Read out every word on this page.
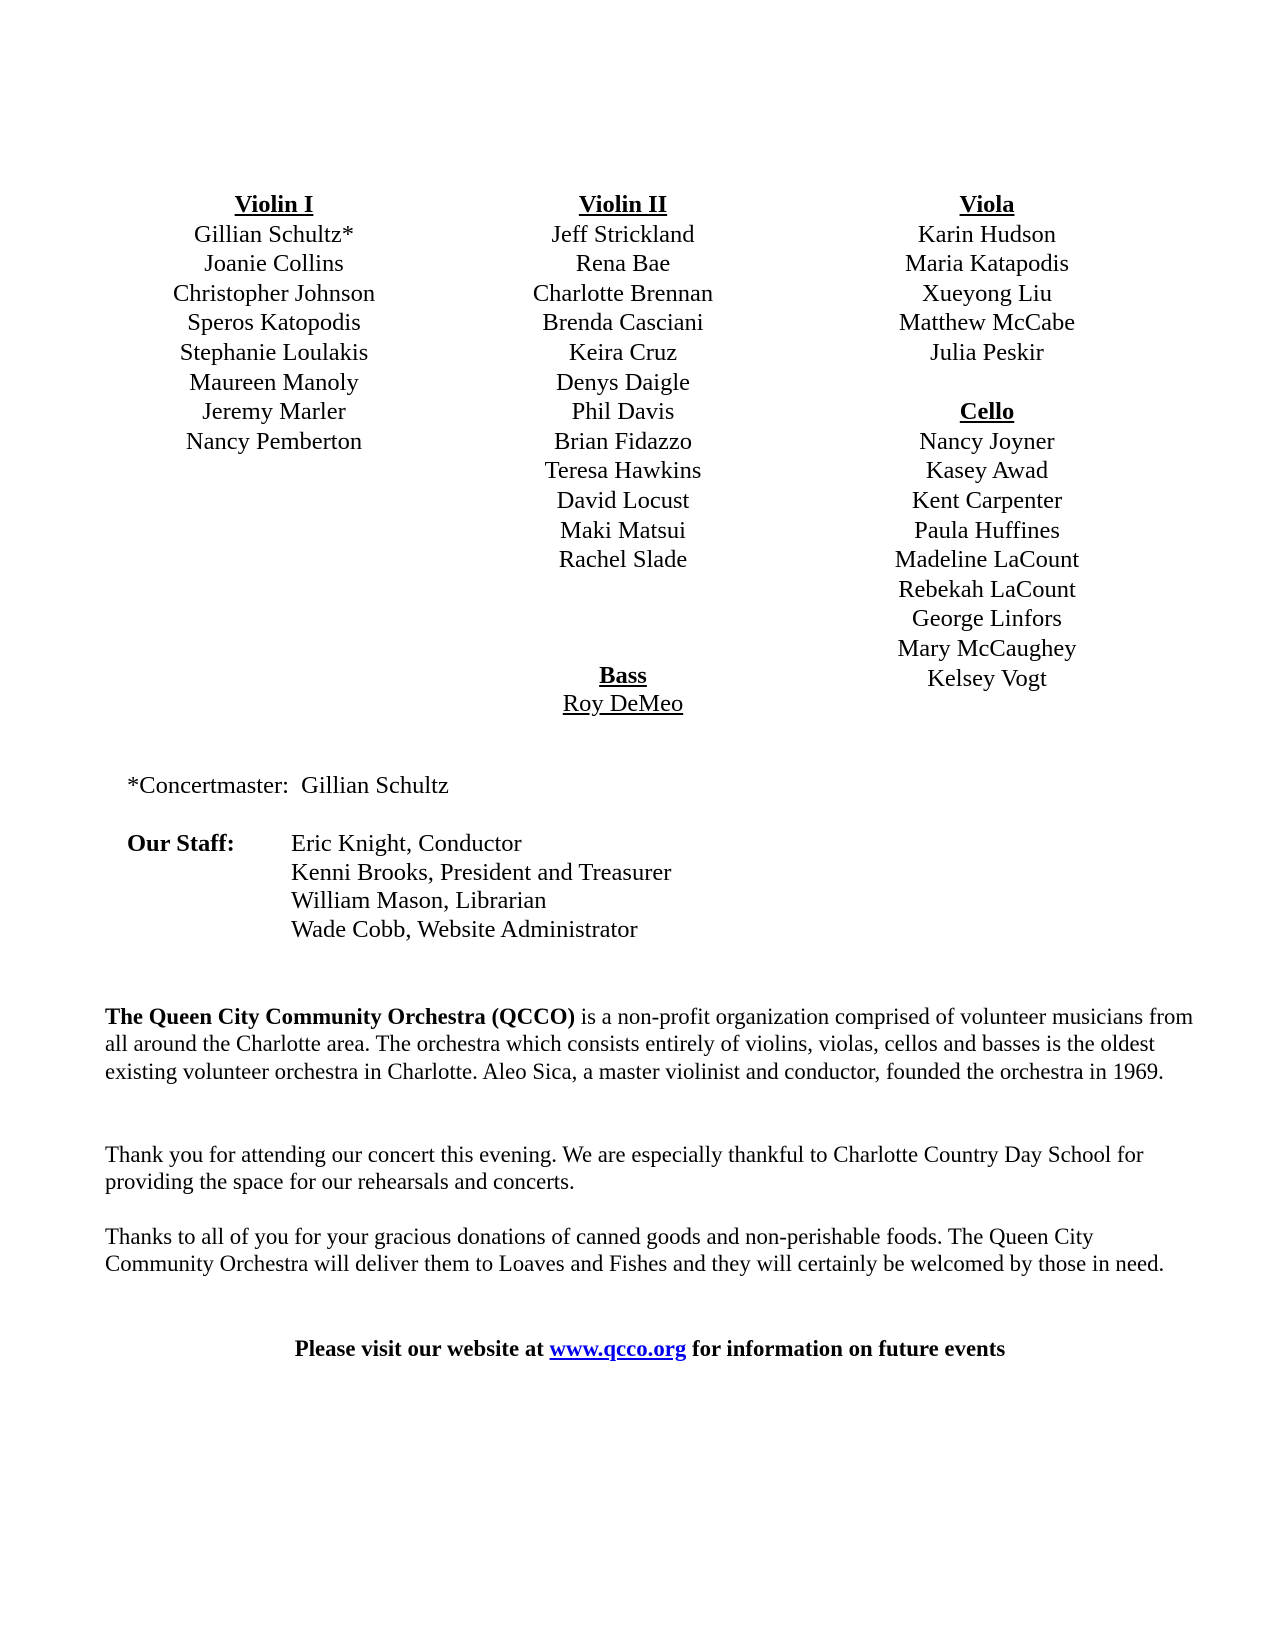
Violin I
Gillian Schultz*
Joanie Collins
Christopher Johnson
Speros Katopodis
Stephanie Loulakis
Maureen Manoly
Jeremy Marler
Nancy Pemberton
Violin II
Jeff Strickland
Rena Bae
Charlotte Brennan
Brenda Casciani
Keira Cruz
Denys Daigle
Phil Davis
Brian Fidazzo
Teresa Hawkins
David Locust
Maki Matsui
Rachel Slade
Viola
Karin Hudson
Maria Katapodis
Xueyong Liu
Matthew McCabe
Julia Peskir
Cello
Nancy Joyner
Kasey Awad
Kent Carpenter
Paula Huffines
Madeline LaCount
Rebekah LaCount
George Linfors
Mary McCaughey
Kelsey Vogt
Bass
Roy DeMeo
*Concertmaster:  Gillian Schultz
Our Staff: Eric Knight, Conductor
Kenni Brooks, President and Treasurer
William Mason, Librarian
Wade Cobb, Website Administrator

The Queen City Community Orchestra (QCCO) is a non-profit organization comprised of volunteer musicians from all around the Charlotte area. The orchestra which consists entirely of violins, violas, cellos and basses is the oldest existing volunteer orchestra in Charlotte. Aleo Sica, a master violinist and conductor, founded the orchestra in 1969.

Thank you for attending our concert this evening. We are especially thankful to Charlotte Country Day School for providing the space for our rehearsals and concerts.

Thanks to all of you for your gracious donations of canned goods and non-perishable foods. The Queen City Community Orchestra will deliver them to Loaves and Fishes and they will certainly be welcomed by those in need.

Please visit our website at www.qcco.org for information on future events
